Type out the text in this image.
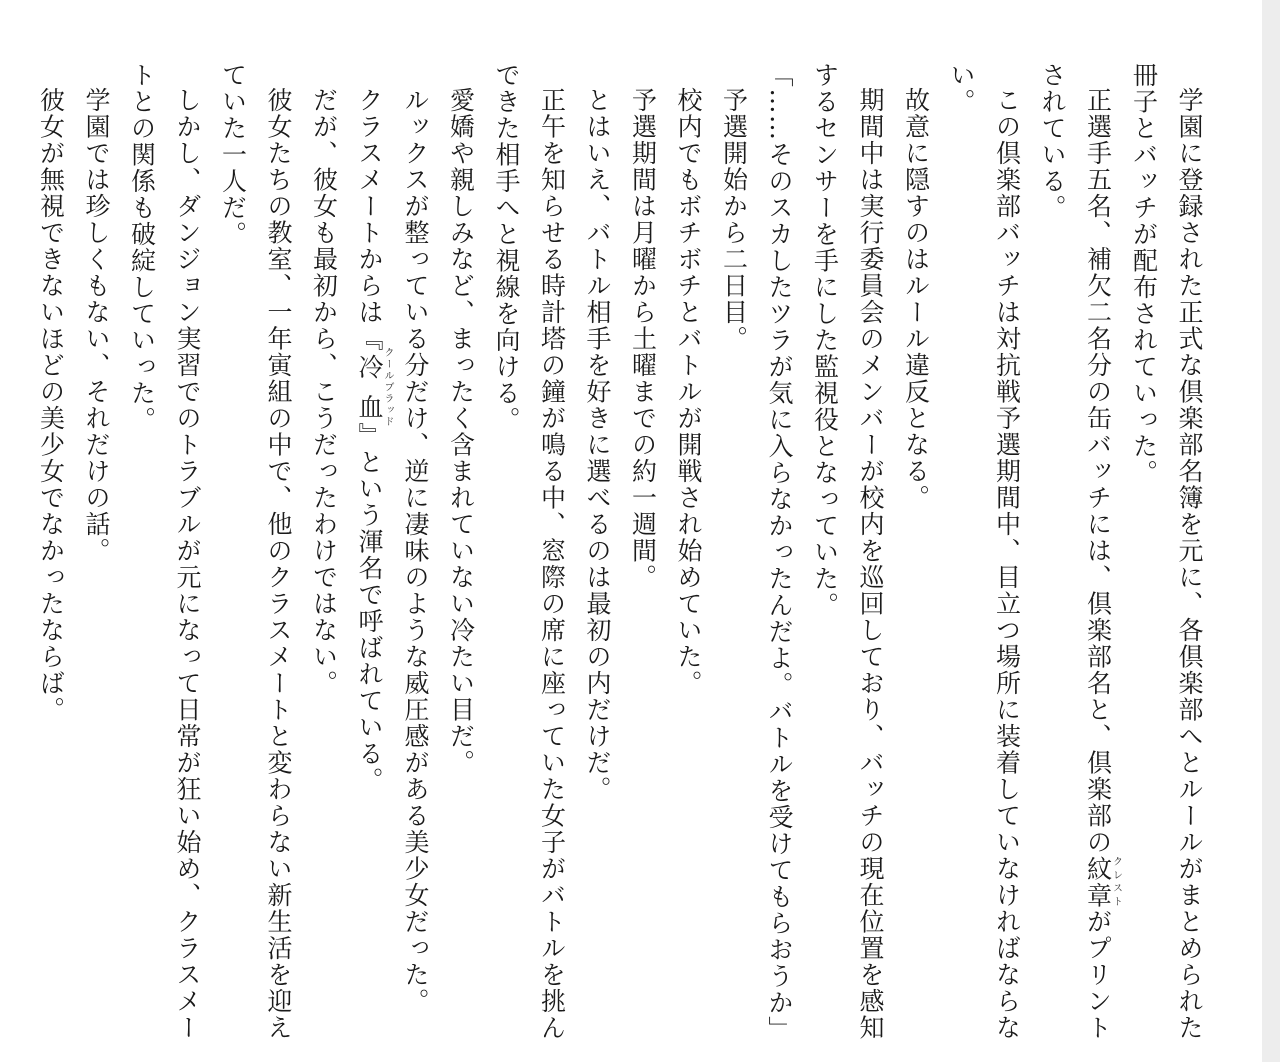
学園に登録された正式な倶楽部名簿を元に、各倶楽部へとルールがまとめられた冊子とバッチが配布されていった。

正選手五名、補欠二名分の缶バッチには、倶楽部名と、倶楽部の紋章クレストがプリントされている。

この倶楽部バッチは対抗戦予選期間中、目立つ場所に装着していなければならない。

故意に隠すのはルール違反となる。

期間中は実行委員会のメンバーが校内を巡回しており、バッチの現在位置を感知するセンサーを手にした監視役となっていた。

「……そのスカしたツラが気に入らなかったんだよ。バトルを受けてもらおうか」

予選開始から二日目。

校内でもボチボチとバトルが開戦され始めていた。

予選期間は月曜から土曜までの約一週間。

とはいえ、バトル相手を好きに選べるのは最初の内だけだ。

正午を知らせる時計塔の鐘が鳴る中、窓際の席に座っていた女子がバトルを挑んできた相手へと視線を向ける。

愛嬌や親しみなど、まったく含まれていない冷たい目だ。

ルックスが整っている分だけ、逆に凄味のような威圧感がある美少女だった。

クラスメートからは『冷血クールブラッド』という渾名で呼ばれている。

だが、彼女も最初から、こうだったわけではない。

彼女たちの教室、一年寅組の中で、他のクラスメートと変わらない新生活を迎えていた一人だ。

しかし、ダンジョン実習でのトラブルが元になって日常が狂い始め、クラスメートとの関係も破綻していった。

学園では珍しくもない、それだけの話。

彼女が無視できないほどの美少女でなかったならば。
